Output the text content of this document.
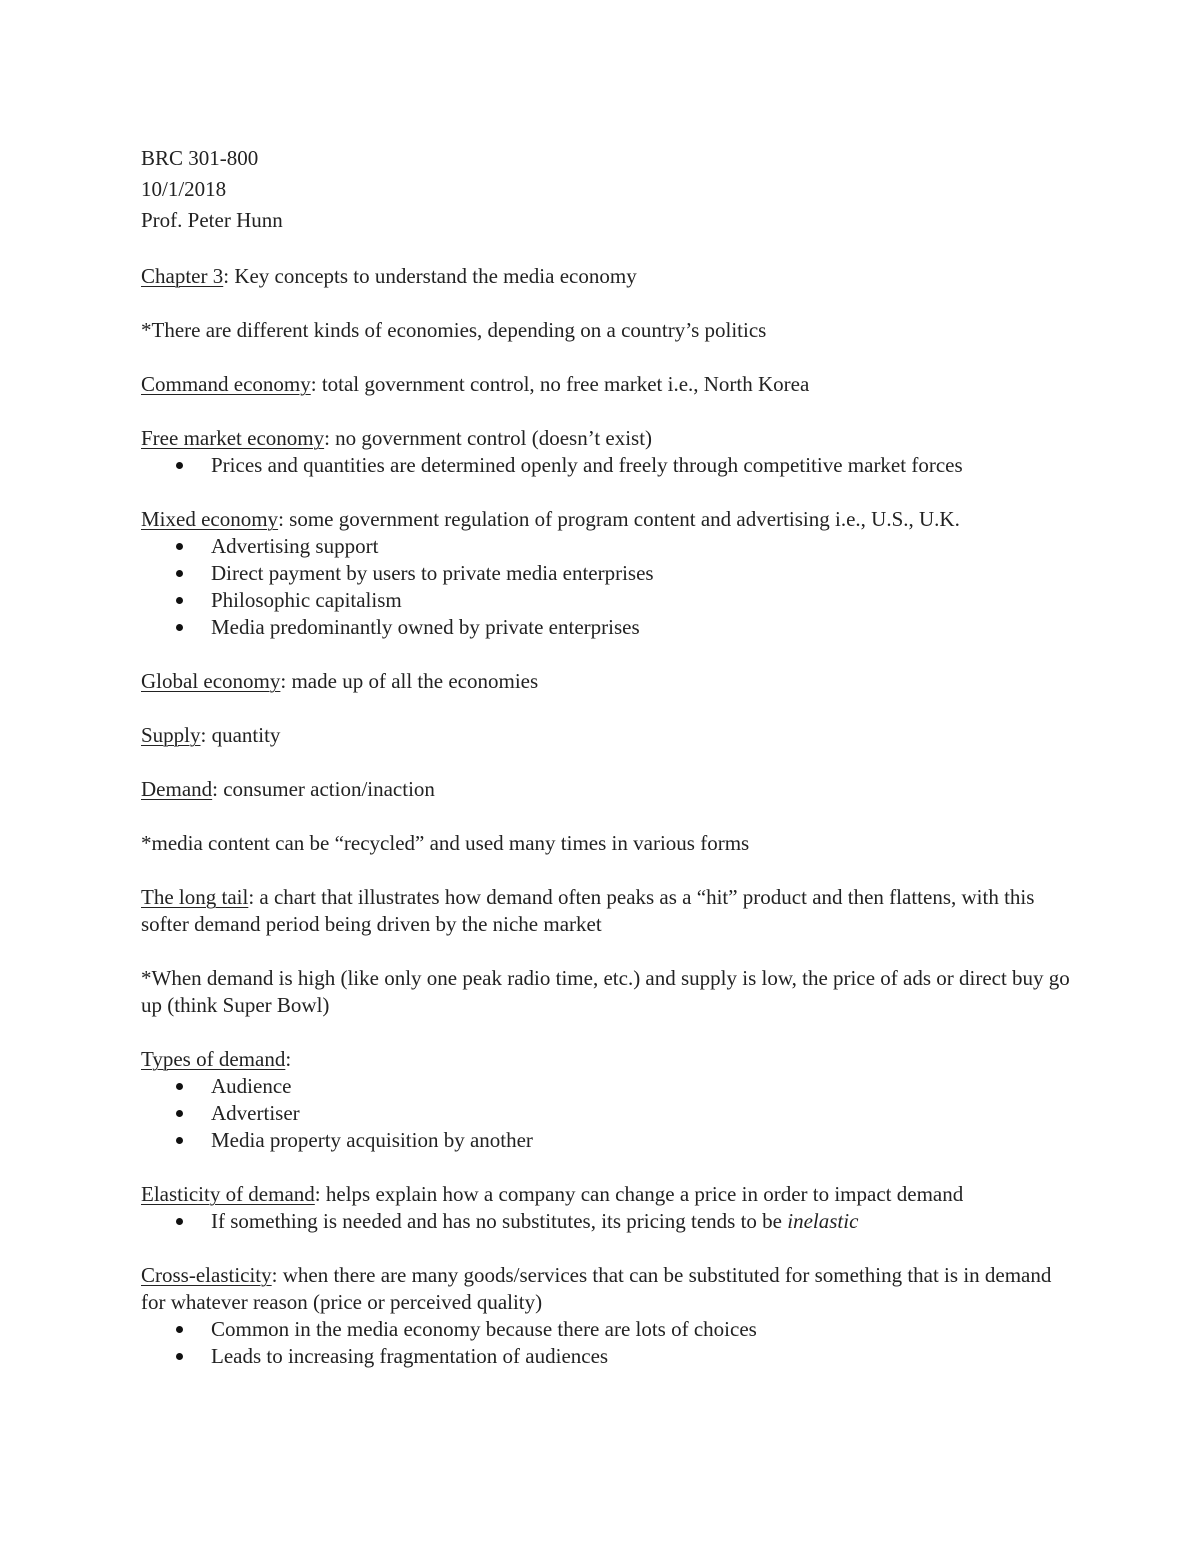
BRC 301-800
10/1/2018
Prof. Peter Hunn

Chapter 3: Key concepts to understand the media economy

*There are different kinds of economies, depending on a country’s politics

Command economy: total government control, no free market i.e., North Korea

Free market economy: no government control (doesn’t exist)

Prices and quantities are determined openly and freely through competitive market forces

Mixed economy: some government regulation of program content and advertising i.e., U.S., U.K.

Advertising support
Direct payment by users to private media enterprises
Philosophic capitalism
Media predominantly owned by private enterprises

Global economy: made up of all the economies

Supply: quantity

Demand: consumer action/inaction

*media content can be “recycled” and used many times in various forms

The long tail: a chart that illustrates how demand often peaks as a “hit” product and then flattens, with this softer demand period being driven by the niche market

*When demand is high (like only one peak radio time, etc.) and supply is low, the price of ads or direct buy go up (think Super Bowl)

Types of demand:

Audience
Advertiser
Media property acquisition by another

Elasticity of demand: helps explain how a company can change a price in order to impact demand

If something is needed and has no substitutes, its pricing tends to be inelastic

Cross-elasticity: when there are many goods/services that can be substituted for something that is in demand for whatever reason (price or perceived quality)

Common in the media economy because there are lots of choices
Leads to increasing fragmentation of audiences
